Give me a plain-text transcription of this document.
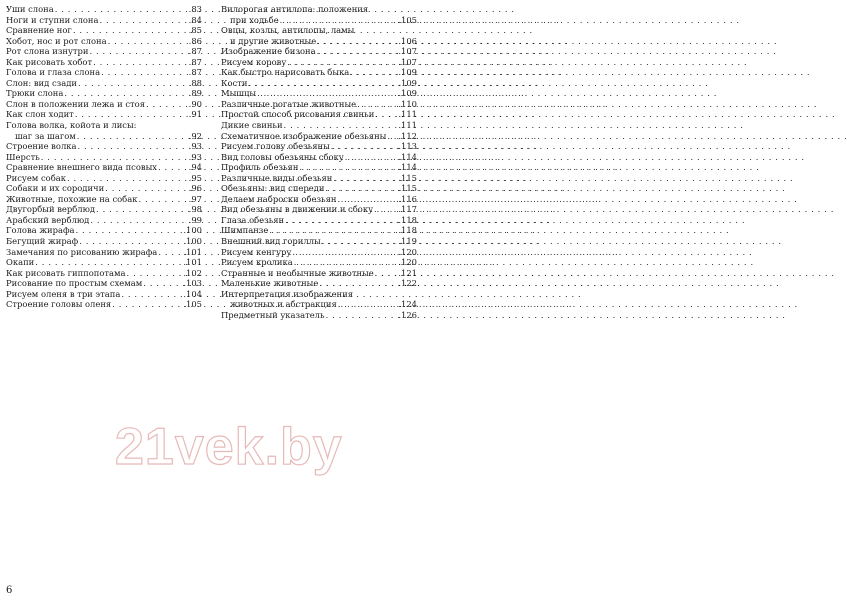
Уши слона . . .	.83
Ноги и ступни слона . . .	.84
Сравнение ног . . .	.85
Хобот, нос и рот слона . . .	.86
Рот слона изнутри . . .	.87
Как рисовать хобот . . .	.87
Голова и глаза слона . . .	.87
Слон: вид сзади . . .	.88
Трюки слона . . .	.89
Слон в положении лежа и стоя . . .	.90
Как слон ходит . . .	.91
Голова волка, койота и лисы:
шаг за шагом . . .	.92
Строение волка . . .	.93
Шерсть . . .	.93
Сравнение внешнего вида псовых . . .	.94
Рисуем собак . . .	.95
Собаки и их сородичи . . .	.96
Животные, похожие на собак . . .	.97
Двугорбый верблюд . . .	.98
Арабский верблюд . . .	.99
Голова жирафа . . .	.100
Бегущий жираф . . .	.100
Замечания по рисованию жирафа . . .	.101
Окапи . . .	.101
Как рисовать гиппопотама . . .	.102
Рисование по простым схемам . . .	.103
Рисуем оленя в три этапа . . .	.104
Строение головы оленя . . .	.105
Вилорогая антилопа: положения
при ходьбе . . .	.105
Овцы, козлы, антилопы, ламы
и другие животные . . .	.106
Изображение бизона . . .	.107
Рисуем корову . . .	.107
Как быстро нарисовать быка . . .	.109
Кости . . .	.109
Мышцы . . .	.109
Различные рогатые животные . . .	.110
Простой способ рисования свиньи . . .	.111
Дикие свиньи . . .	.111
Схематичное изображение обезьяны . . . .112
Рисуем голову обезьяны . . .	.113
Вид головы обезьяны сбоку . . .	.114
Профиль обезьян . . .	.114
Различные виды обезьян . . .	.115
Обезьяны: вид спереди . . .	.115
Делаем наброски обезьян . . .	.116
Вид обезьяны в движении и сбоку . . .	.117
Глаза обезьян . . .	.118
Шимпанзе . . .	.118
Внешний вид гориллы . . .	.119
Рисуем кенгуру . . .	.120
Рисуем кролика . . .	.120
Странные и необычные животные . . .	.121
Маленькие животные . . .	.122
Интерпретация изображения
животных и абстракция . . .	.124
Предметный указатель . . .	.126
21vek.by
6
